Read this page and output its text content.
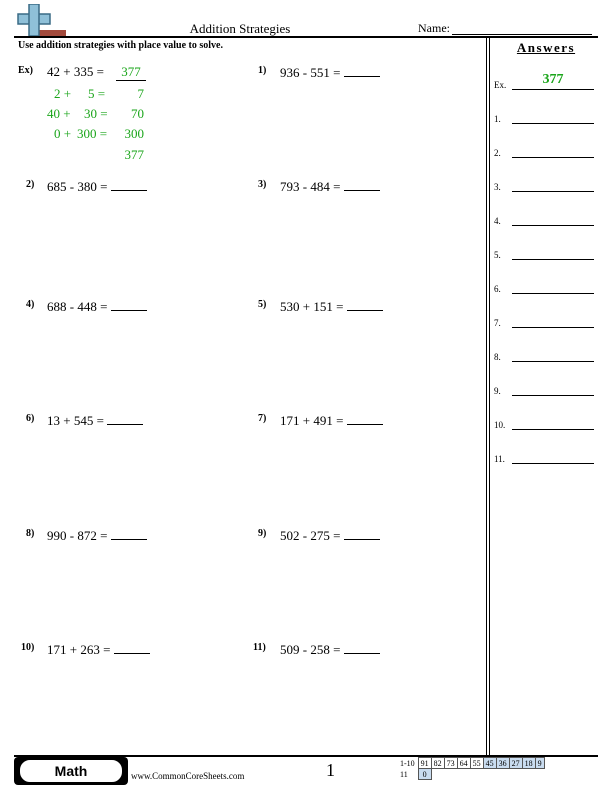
Addition Strategies	Name:
Use addition strategies with place value to solve.
Ex) 42 + 335 =	377
2 + 5 =	7
40 + 30 =	70
0 + 300 =	300
377
1) 936 - 551 =
2) 685 - 380 =	3) 793 - 484 =
4) 688 - 448 =	5) 530 + 151 =
6) 13 + 545 =	7) 171 + 491 =
8) 990 - 872 =	9) 502 - 275 =
10) 171 + 263 =	11) 509 - 258 =
Answers
Ex.	377
1.
2.
3.
4.
5.
6.
7.
8.
9.
10.
11.
Math	www.CommonCoreSheets.com	1	1-10	91	82	73	64	55	45	36	27	18	9
11	0									
